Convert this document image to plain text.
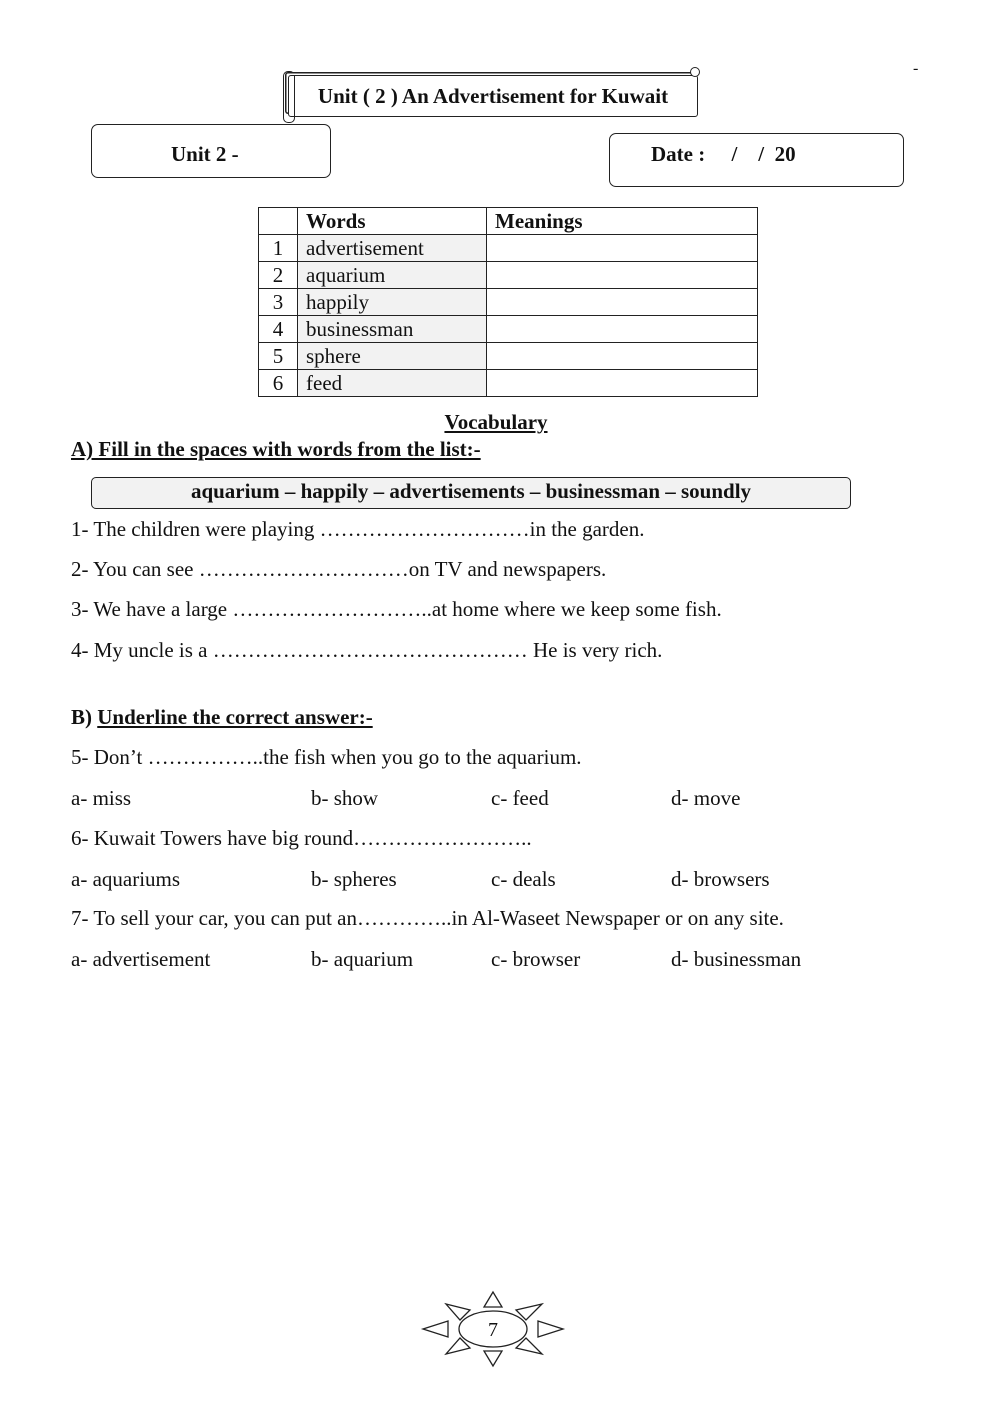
-
Unit ( 2 ) An Advertisement for Kuwait
Unit 2 -	Date :     /    /  20
	Words	Meanings
1	advertisement	
2	aquarium	
3	happily	
4	businessman	
5	sphere	
6	feed	
Vocabulary
A) Fill in the spaces with words from the list:-
aquarium – happily – advertisements – businessman – soundly
1- The children were playing …………………………in the garden.
2- You can see …………………………on TV and newspapers.
3- We have a large ………………………..at home where we keep some fish.
4- My uncle is a ……………………………………… He is very rich.
B) Underline the correct answer:-
5- Don’t ……………..the fish when you go to the aquarium.
a- miss	b- show	c- feed	d- move
6- Kuwait Towers have big round……………………..
a- aquariums	b- spheres	c- deals	d- browsers
7- To sell your car, you can put an…………..in Al-Waseet Newspaper or on any site.
a- advertisement	b- aquarium	c- browser	d- businessman
7
